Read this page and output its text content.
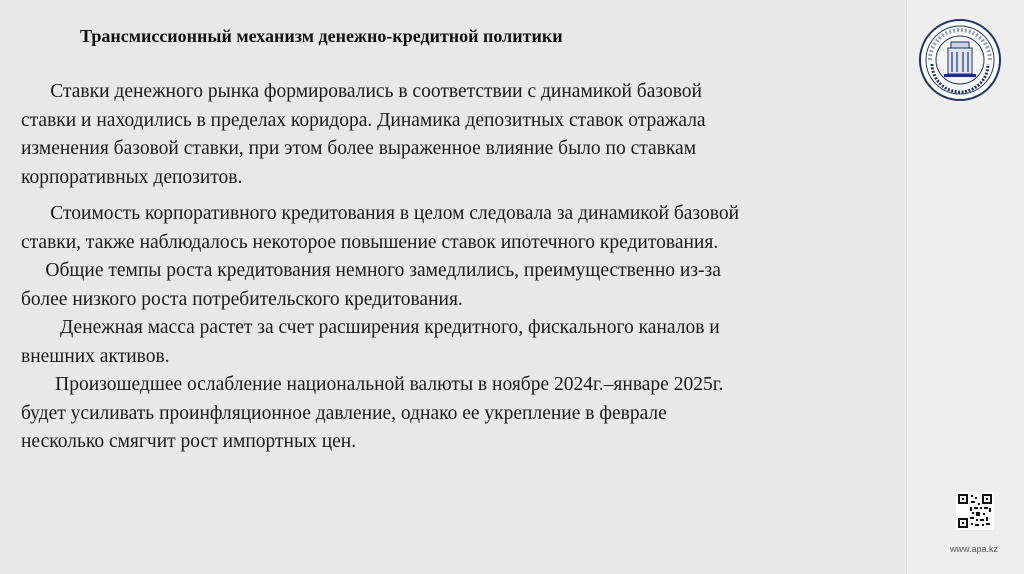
Трансмиссионный механизм денежно-кредитной политики
Ставки денежного рынка формировались в соответствии с динамикой базовой
ставки и находились в пределах коридора. Динамика депозитных ставок отражала
изменения базовой ставки, при этом более выраженное влияние было по ставкам
корпоративных депозитов.
Стоимость корпоративного кредитования в целом следовала за динамикой базовой
ставки, также наблюдалось некоторое повышение ставок ипотечного кредитования.
Общие темпы роста кредитования немного замедлились, преимущественно из-за
более низкого роста потребительского кредитования.
Денежная масса растет за счет расширения кредитного, фискального каналов и
внешних активов.
Произошедшее ослабление национальной валюты в ноябре 2024г.–январе 2025г.
будет усиливать проинфляционное давление, однако ее укрепление в феврале
несколько смягчит рост импортных цен.
www.apa.kz
